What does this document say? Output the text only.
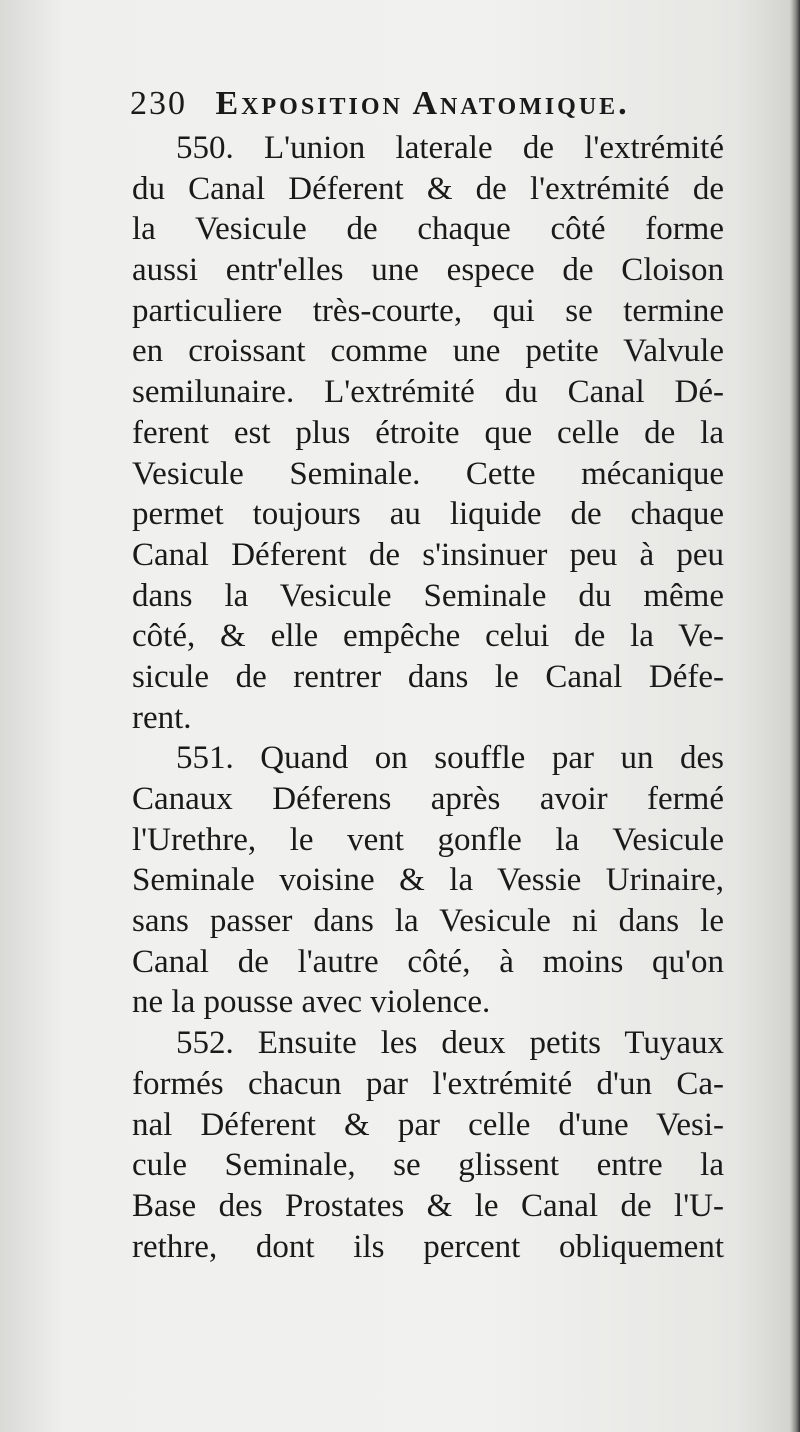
230 Exposition Anatomique.
550. L'union laterale de l'extrémité
du Canal Déferent & de l'extrémité de
la Vesicule de chaque côté forme
aussi entr'elles une espece de Cloison
particuliere très-courte, qui se termine
en croissant comme une petite Valvule
semilunaire. L'extrémité du Canal Dé-
ferent est plus étroite que celle de la
Vesicule Seminale. Cette mécanique
permet toujours au liquide de chaque
Canal Déferent de s'insinuer peu à peu
dans la Vesicule Seminale du même
côté, & elle empêche celui de la Ve-
sicule de rentrer dans le Canal Défe-
rent.
551. Quand on souffle par un des
Canaux Déferens après avoir fermé
l'Urethre, le vent gonfle la Vesicule
Seminale voisine & la Vessie Urinaire,
sans passer dans la Vesicule ni dans le
Canal de l'autre côté, à moins qu'on
ne la pousse avec violence.
552. Ensuite les deux petits Tuyaux
formés chacun par l'extrémité d'un Ca-
nal Déferent & par celle d'une Vesi-
cule Seminale, se glissent entre la
Base des Prostates & le Canal de l'U-
rethre, dont ils percent obliquement
